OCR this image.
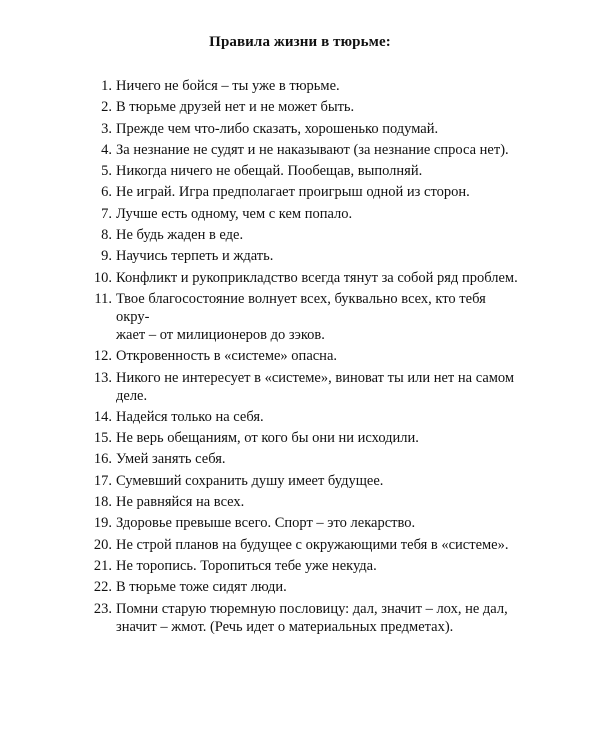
Правила жизни в тюрьме:
1. Ничего не бойся – ты уже в тюрьме.
2. В тюрьме друзей нет и не может быть.
3. Прежде чем что-либо сказать, хорошенько подумай.
4. За незнание не судят и не наказывают (за незнание спроса нет).
5. Никогда ничего не обещай. Пообещав, выполняй.
6. Не играй. Игра предполагает проигрыш одной из сторон.
7. Лучше есть одному, чем с кем попало.
8. Не будь жаден в еде.
9. Научись терпеть и ждать.
10. Конфликт и рукоприкладство всегда тянут за собой ряд проблем.
11. Твое благосостояние волнует всех, буквально всех, кто тебя окру-
жает – от милиционеров до зэков.
12. Откровенность в «системе» опасна.
13. Никого не интересует в «системе», виноват ты или нет на самом
деле.
14. Надейся только на себя.
15. Не верь обещаниям, от кого бы они ни исходили.
16. Умей занять себя.
17. Сумевший сохранить душу имеет будущее.
18. Не равняйся на всех.
19. Здоровье превыше всего. Спорт – это лекарство.
20. Не строй планов на будущее с окружающими тебя в «системе».
21. Не торопись. Торопиться тебе уже некуда.
22. В тюрьме тоже сидят люди.
23. Помни старую тюремную пословицу: дал, значит – лох, не дал,
значит – жмот. (Речь идет о материальных предметах).
